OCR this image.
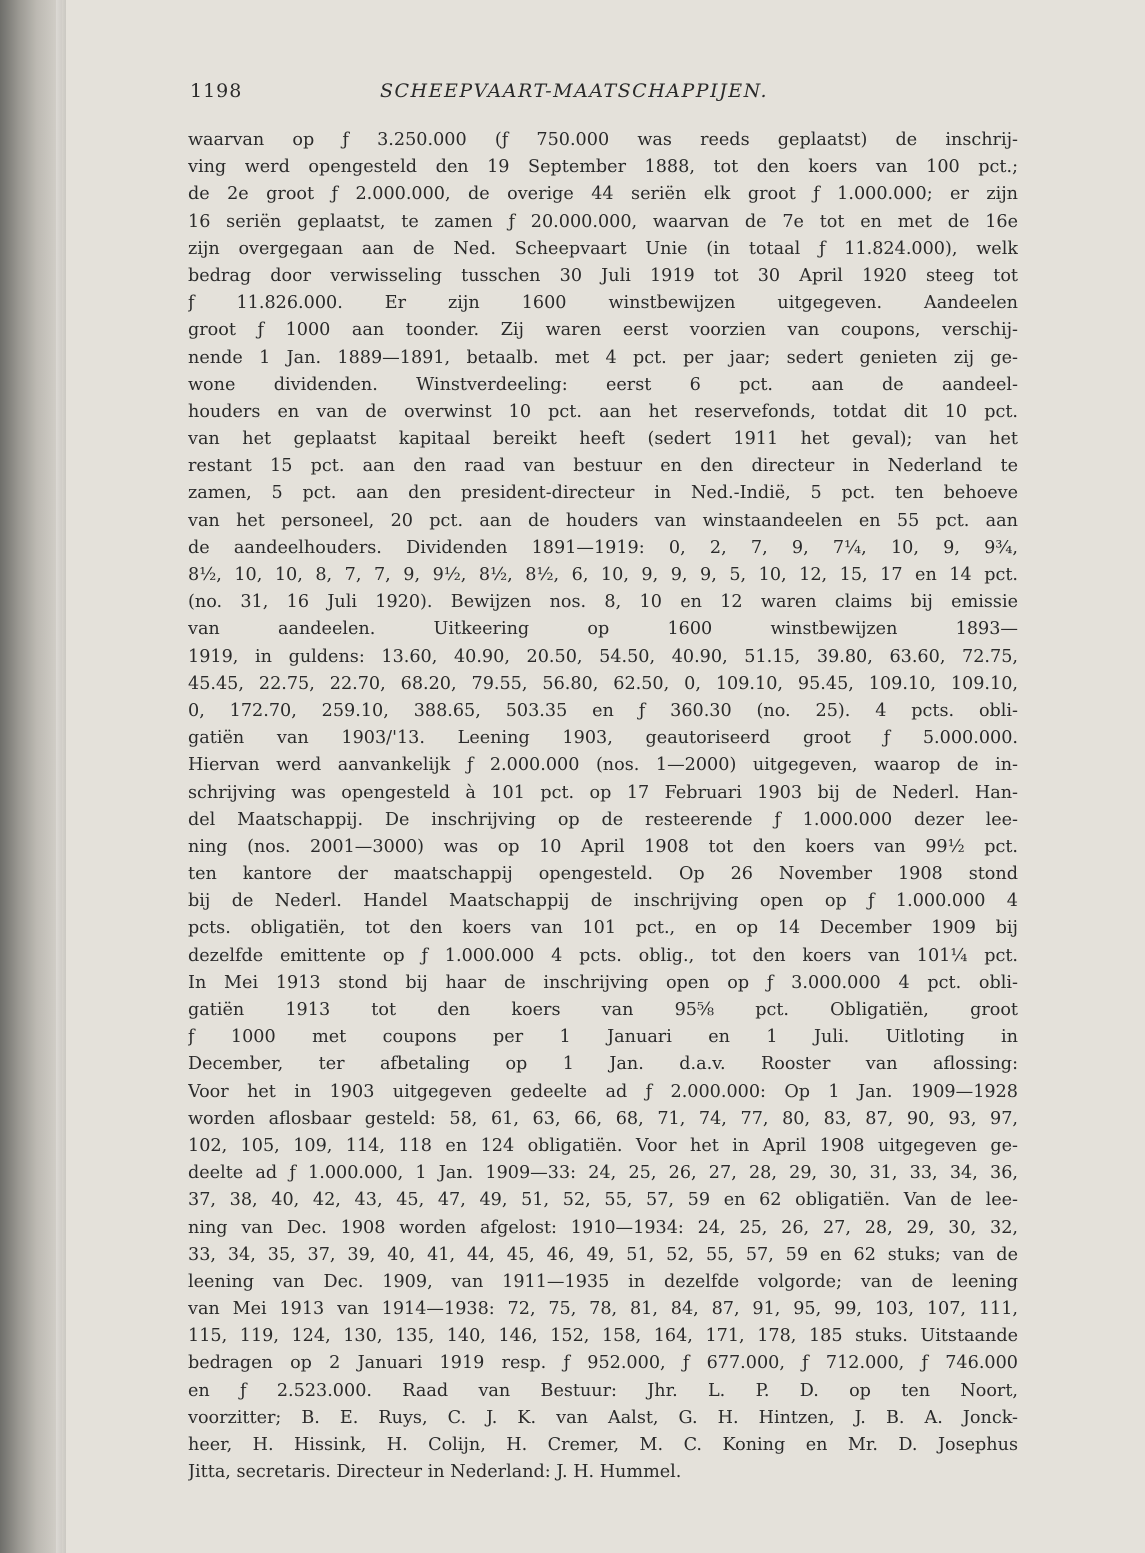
1198	SCHEEPVAART-MAATSCHAPPIJEN.
waarvan op ƒ 3.250.000 (ƒ 750.000 was reeds geplaatst) de inschrij-
ving werd opengesteld den 19 September 1888, tot den koers van 100 pct.;
de 2e groot ƒ 2.000.000, de overige 44 seriën elk groot ƒ 1.000.000; er zijn
16 seriën geplaatst, te zamen ƒ 20.000.000, waarvan de 7e tot en met de 16e
zijn overgegaan aan de Ned. Scheepvaart Unie (in totaal ƒ 11.824.000), welk
bedrag door verwisseling tusschen 30 Juli 1919 tot 30 April 1920 steeg tot
ƒ 11.826.000. Er zijn 1600 winstbewijzen uitgegeven. Aandeelen
groot ƒ 1000 aan toonder. Zij waren eerst voorzien van coupons, verschij-
nende 1 Jan. 1889—1891, betaalb. met 4 pct. per jaar; sedert genieten zij ge-
wone dividenden. Winstverdeeling: eerst 6 pct. aan de aandeel-
houders en van de overwinst 10 pct. aan het reservefonds, totdat dit 10 pct.
van het geplaatst kapitaal bereikt heeft (sedert 1911 het geval); van het
restant 15 pct. aan den raad van bestuur en den directeur in Nederland te
zamen, 5 pct. aan den president-directeur in Ned.-Indië, 5 pct. ten behoeve
van het personeel, 20 pct. aan de houders van winstaandeelen en 55 pct. aan
de aandeelhouders. Dividenden 1891—1919: 0, 2, 7, 9, 7¼, 10, 9, 9¾,
8½, 10, 10, 8, 7, 7, 9, 9½, 8½, 8½, 6, 10, 9, 9, 9, 5, 10, 12, 15, 17 en 14 pct.
(no. 31, 16 Juli 1920). Bewijzen nos. 8, 10 en 12 waren claims bij emissie
van aandeelen. Uitkeering op 1600 winstbewijzen 1893—
1919, in guldens: 13.60, 40.90, 20.50, 54.50, 40.90, 51.15, 39.80, 63.60, 72.75,
45.45, 22.75, 22.70, 68.20, 79.55, 56.80, 62.50, 0, 109.10, 95.45, 109.10, 109.10,
0, 172.70, 259.10, 388.65, 503.35 en ƒ 360.30 (no. 25). 4 pcts. obli-
gatiën van 1903/'13. Leening 1903, geautoriseerd groot ƒ 5.000.000.
Hiervan werd aanvankelijk ƒ 2.000.000 (nos. 1—2000) uitgegeven, waarop de in-
schrijving was opengesteld à 101 pct. op 17 Februari 1903 bij de Nederl. Han-
del Maatschappij. De inschrijving op de resteerende ƒ 1.000.000 dezer lee-
ning (nos. 2001—3000) was op 10 April 1908 tot den koers van 99½ pct.
ten kantore der maatschappij opengesteld. Op 26 November 1908 stond
bij de Nederl. Handel Maatschappij de inschrijving open op ƒ 1.000.000 4
pcts. obligatiën, tot den koers van 101 pct., en op 14 December 1909 bij
dezelfde emittente op ƒ 1.000.000 4 pcts. oblig., tot den koers van 101¼ pct.
In Mei 1913 stond bij haar de inschrijving open op ƒ 3.000.000 4 pct. obli-
gatiën 1913 tot den koers van 95⅝ pct. Obligatiën, groot
ƒ 1000 met coupons per 1 Januari en 1 Juli. Uitloting in
December, ter afbetaling op 1 Jan. d.a.v. Rooster van aflossing:
Voor het in 1903 uitgegeven gedeelte ad ƒ 2.000.000: Op 1 Jan. 1909—1928
worden aflosbaar gesteld: 58, 61, 63, 66, 68, 71, 74, 77, 80, 83, 87, 90, 93, 97,
102, 105, 109, 114, 118 en 124 obligatiën. Voor het in April 1908 uitgegeven ge-
deelte ad ƒ 1.000.000, 1 Jan. 1909—33: 24, 25, 26, 27, 28, 29, 30, 31, 33, 34, 36,
37, 38, 40, 42, 43, 45, 47, 49, 51, 52, 55, 57, 59 en 62 obligatiën. Van de lee-
ning van Dec. 1908 worden afgelost: 1910—1934: 24, 25, 26, 27, 28, 29, 30, 32,
33, 34, 35, 37, 39, 40, 41, 44, 45, 46, 49, 51, 52, 55, 57, 59 en 62 stuks; van de
leening van Dec. 1909, van 1911—1935 in dezelfde volgorde; van de leening
van Mei 1913 van 1914—1938: 72, 75, 78, 81, 84, 87, 91, 95, 99, 103, 107, 111,
115, 119, 124, 130, 135, 140, 146, 152, 158, 164, 171, 178, 185 stuks. Uitstaande
bedragen op 2 Januari 1919 resp. ƒ 952.000, ƒ 677.000, ƒ 712.000, ƒ 746.000
en ƒ 2.523.000. Raad van Bestuur: Jhr. L. P. D. op ten Noort,
voorzitter; B. E. Ruys, C. J. K. van Aalst, G. H. Hintzen, J. B. A. Jonck-
heer, H. Hissink, H. Colijn, H. Cremer, M. C. Koning en Mr. D. Josephus
Jitta, secretaris. Directeur in Nederland: J. H. Hummel.
